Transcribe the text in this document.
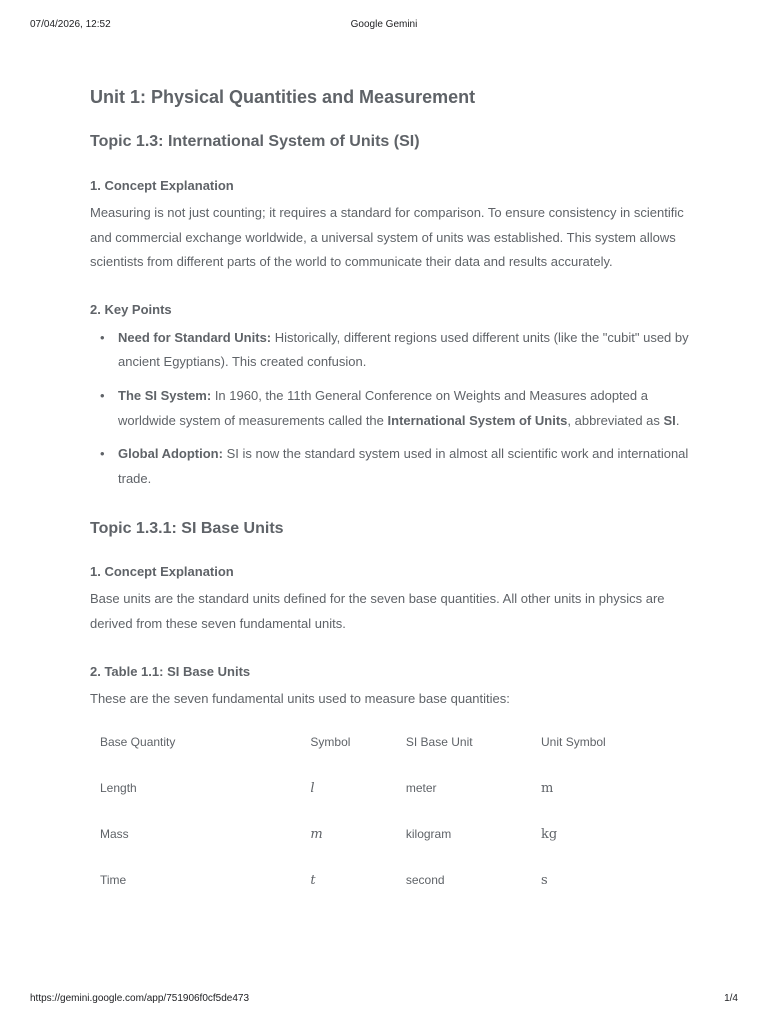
07/04/2026, 12:52	Google Gemini
Unit 1: Physical Quantities and Measurement
Topic 1.3: International System of Units (SI)
1. Concept Explanation

Measuring is not just counting; it requires a standard for comparison. To ensure consistency in scientific and commercial exchange worldwide, a universal system of units was established. This system allows scientists from different parts of the world to communicate their data and results accurately.

2. Key Points
• Need for Standard Units: Historically, different regions used different units (like the "cubit" used by ancient Egyptians). This created confusion.
• The SI System: In 1960, the 11th General Conference on Weights and Measures adopted a worldwide system of measurements called the International System of Units, abbreviated as SI.
• Global Adoption: SI is now the standard system used in almost all scientific work and international trade.
Topic 1.3.1: SI Base Units
1. Concept Explanation

Base units are the standard units defined for the seven base quantities. All other units in physics are derived from these seven fundamental units.

2. Table 1.1: SI Base Units

These are the seven fundamental units used to measure base quantities:

Base Quantity	Symbol	SI Base Unit	Unit Symbol
Length	l	meter	m
Mass	m	kilogram	kg
Time	t	second	s
https://gemini.google.com/app/751906f0cf5de473	1/4
